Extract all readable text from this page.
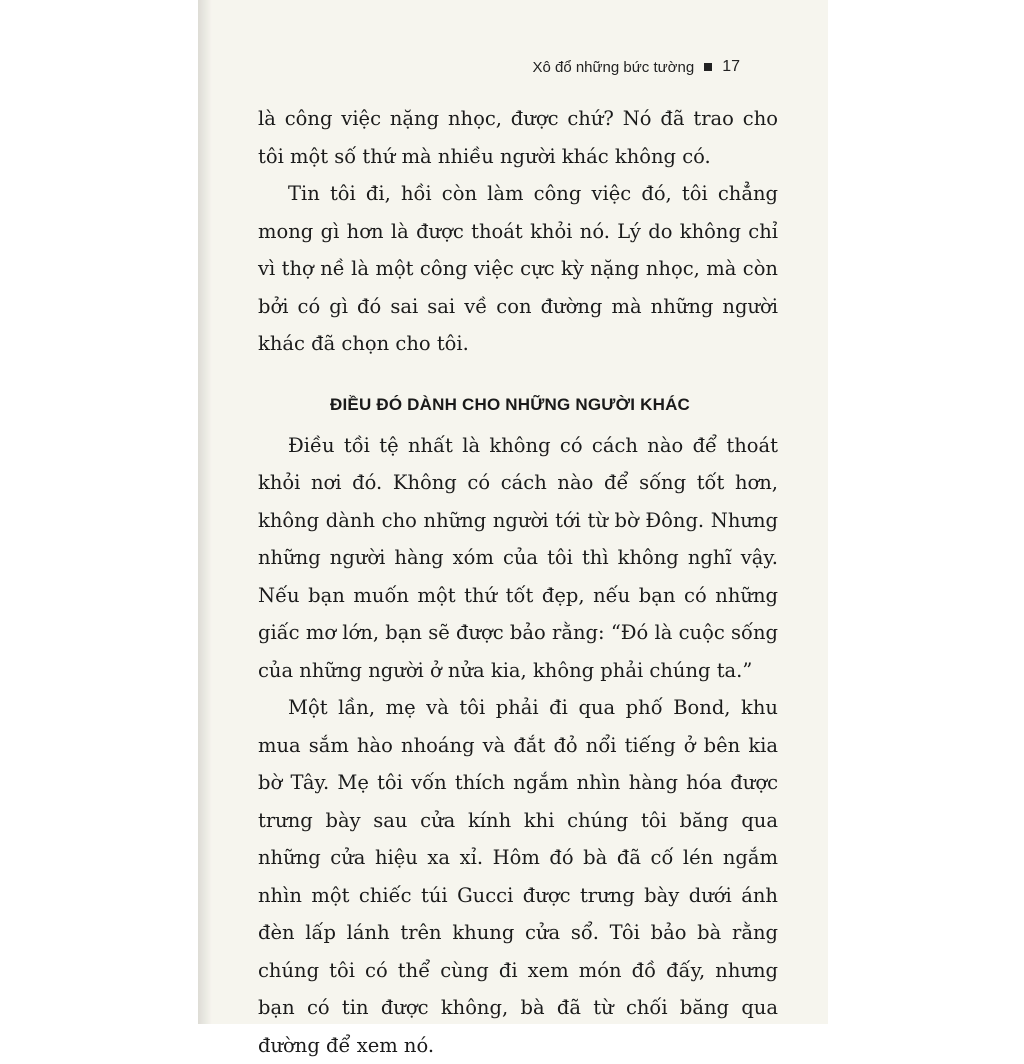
Xô đổ những bức tường 17

là công việc nặng nhọc, được chứ? Nó đã trao cho tôi một số thứ mà nhiều người khác không có.

Tin tôi đi, hồi còn làm công việc đó, tôi chẳng mong gì hơn là được thoát khỏi nó. Lý do không chỉ vì thợ nề là một công việc cực kỳ nặng nhọc, mà còn bởi có gì đó sai sai về con đường mà những người khác đã chọn cho tôi.

ĐIỀU ĐÓ DÀNH CHO NHỮNG NGƯỜI KHÁC

Điều tồi tệ nhất là không có cách nào để thoát khỏi nơi đó. Không có cách nào để sống tốt hơn, không dành cho những người tới từ bờ Đông. Nhưng những người hàng xóm của tôi thì không nghĩ vậy. Nếu bạn muốn một thứ tốt đẹp, nếu bạn có những giấc mơ lớn, bạn sẽ được bảo rằng: “Đó là cuộc sống của những người ở nửa kia, không phải chúng ta.”

Một lần, mẹ và tôi phải đi qua phố Bond, khu mua sắm hào nhoáng và đắt đỏ nổi tiếng ở bên kia bờ Tây. Mẹ tôi vốn thích ngắm nhìn hàng hóa được trưng bày sau cửa kính khi chúng tôi băng qua những cửa hiệu xa xỉ. Hôm đó bà đã cố lén ngắm nhìn một chiếc túi Gucci được trưng bày dưới ánh đèn lấp lánh trên khung cửa sổ. Tôi bảo bà rằng chúng tôi có thể cùng đi xem món đồ đấy, nhưng bạn có tin được không, bà đã từ chối băng qua đường để xem nó.
